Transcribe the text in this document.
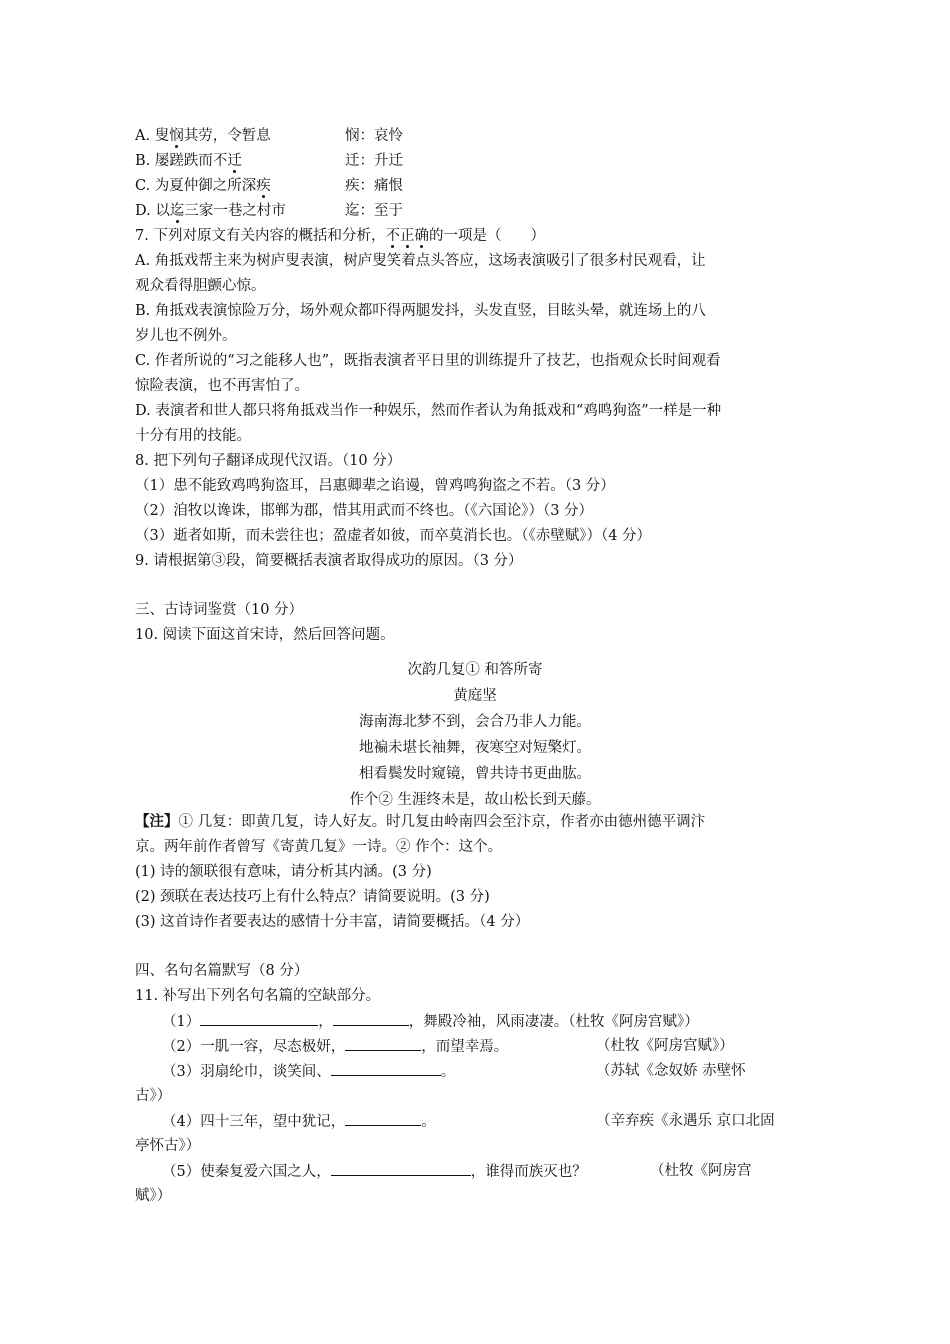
A. 叟悯其劳，令暂息	悯：哀怜
B. 屡蹉跌而不迁	迁：升迁
C. 为夏仲御之所深疾	疾：痛恨
D. 以迄三家一巷之村市	迄：至于
7. 下列对原文有关内容的概括和分析，不正确的一项是（　　）
A. 角抵戏帮主来为树庐叟表演，树庐叟笑着点头答应，这场表演吸引了很多村民观看，让
观众看得胆颤心惊。
B. 角抵戏表演惊险万分，场外观众都吓得两腿发抖，头发直竖，目眩头晕，就连场上的八
岁儿也不例外。
C. 作者所说的“习之能移人也”，既指表演者平日里的训练提升了技艺，也指观众长时间观看
惊险表演，也不再害怕了。
D. 表演者和世人都只将角抵戏当作一种娱乐，然而作者认为角抵戏和“鸡鸣狗盗”一样是一种
十分有用的技能。
8. 把下列句子翻译成现代汉语。（10 分）
（1）患不能致鸡鸣狗盗耳，吕惠卿辈之谄谩，曾鸡鸣狗盗之不若。（3 分）
（2）洎牧以谗诛，邯郸为郡，惜其用武而不终也。（《六国论》）（3 分）
（3）逝者如斯，而未尝往也；盈虚者如彼，而卒莫消长也。（《赤壁赋》）（4 分）
9. 请根据第③段，简要概括表演者取得成功的原因。（3 分）
三、古诗词鉴赏（10 分）
10. 阅读下面这首宋诗，然后回答问题。
次韵几复① 和答所寄
黄庭坚
海南海北梦不到，会合乃非人力能。
地褊未堪长袖舞，夜寒空对短檠灯。
相看鬓发时窥镜，曾共诗书更曲肱。
作个② 生涯终未是，故山松长到天藤。
【注】① 几复：即黄几复，诗人好友。时几复由岭南四会至汴京，作者亦由德州德平调汴
京。两年前作者曾写《寄黄几复》一诗。② 作个：这个。
(1) 诗的颔联很有意味，请分析其内涵。(3 分)
(2) 颈联在表达技巧上有什么特点？请简要说明。(3 分)
(3) 这首诗作者要表达的感情十分丰富，请简要概括。（4 分）
四、名句名篇默写（8 分）
11. 补写出下列名句名篇的空缺部分。
（1）	，	，舞殿冷袖，风雨凄凄。（杜牧《阿房宫赋》）
（2）一肌一容，尽态极妍，	，而望幸焉。	（杜牧《阿房宫赋》）
（3）羽扇纶巾，谈笑间、	。	（苏轼《念奴娇 赤壁怀
古》）
（4）四十三年，望中犹记，	。	（辛弃疾《永遇乐 京口北固
亭怀古》）
（5）使秦复爱六国之人，	，谁得而族灭也？	（杜牧《阿房宫
赋》）
